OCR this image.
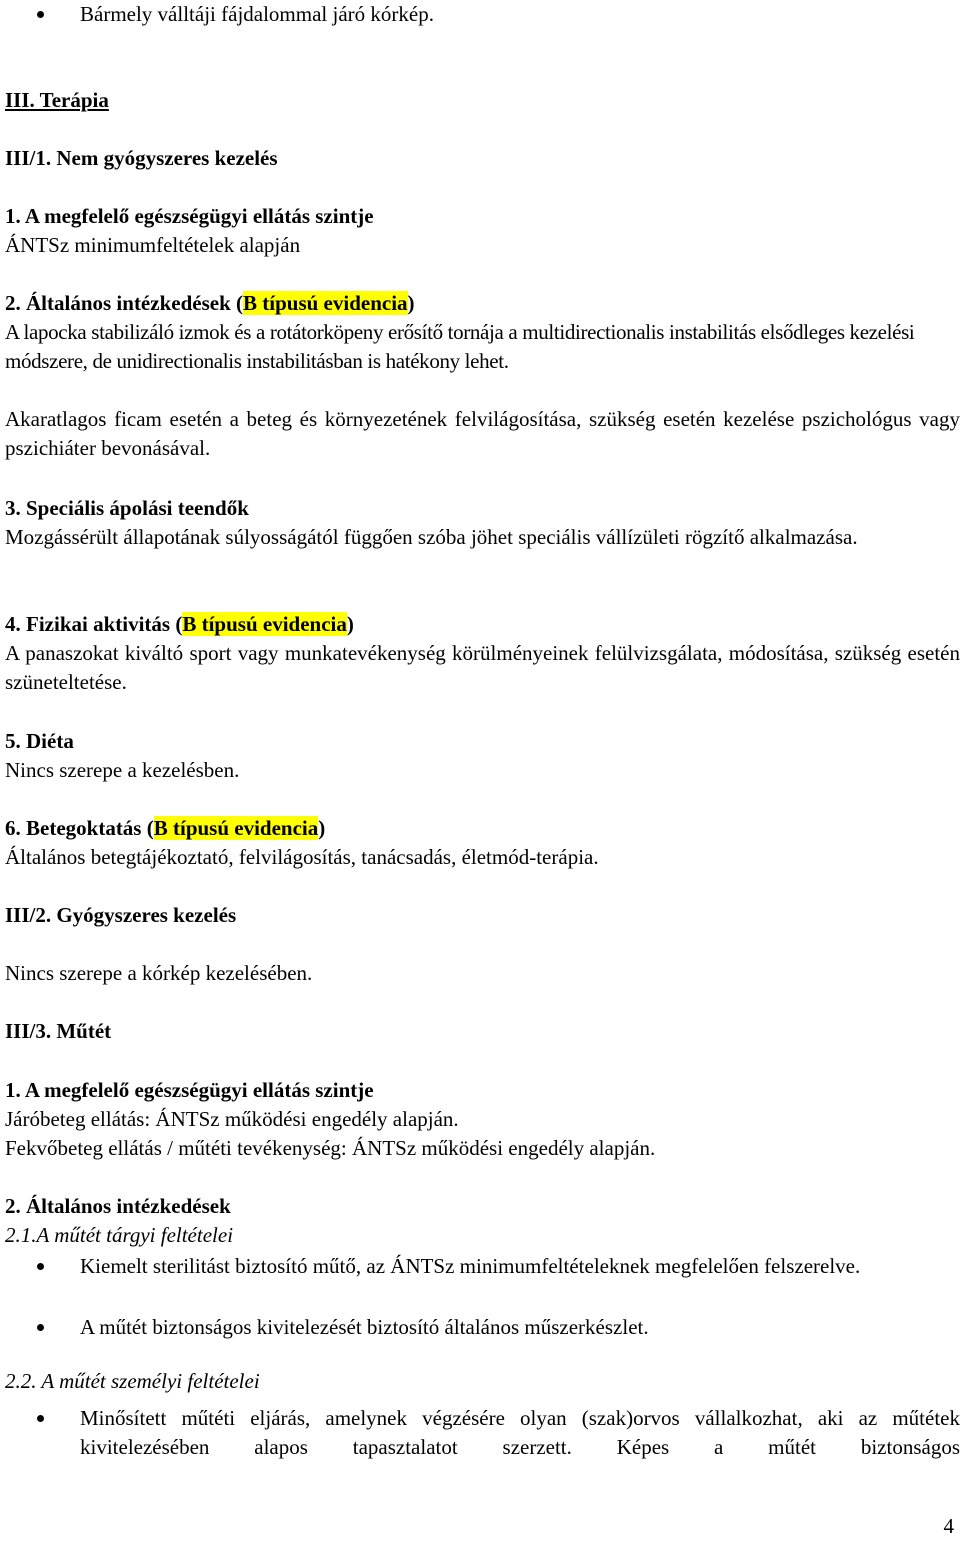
Bármely válltáji fájdalommal járó kórkép.
III. Terápia
III/1. Nem gyógyszeres kezelés
1. A megfelelő egészségügyi ellátás szintje
ÁNTSz minimumfeltételek alapján
2. Általános intézkedések (B típusú evidencia)
A lapocka stabilizáló izmok és a rotátorköpeny erősítő tornája a multidirectionalis instabilitás elsődleges kezelési módszere, de unidirectionalis instabilitásban is hatékony lehet.
Akaratlagos ficam esetén a beteg és környezetének felvilágosítása, szükség esetén kezelése pszichológus vagy pszichiáter bevonásával.
3. Speciális ápolási teendők
Mozgássérült állapotának súlyosságától függően szóba jöhet speciális vállízületi rögzítő alkalmazása.
4. Fizikai aktivitás (B típusú evidencia)
A panaszokat kiváltó sport vagy munkatevékenység körülményeinek felülvizsgálata, módosítása, szükség esetén szüneteltetése.
5. Diéta
Nincs szerepe a kezelésben.
6. Betegoktatás (B típusú evidencia)
Általános betegtájékoztató, felvilágosítás, tanácsadás, életmód-terápia.
III/2. Gyógyszeres kezelés
Nincs szerepe a kórkép kezelésében.
III/3. Műtét
1. A megfelelő egészségügyi ellátás szintje
Járóbeteg ellátás: ÁNTSz működési engedély alapján.
Fekvőbeteg ellátás / műtéti tevékenység: ÁNTSz működési engedély alapján.
2. Általános intézkedések
2.1.A műtét tárgyi feltételei
Kiemelt sterilitást biztosító műtő, az ÁNTSz minimumfeltételeknek megfelelően felszerelve.
A műtét biztonságos kivitelezését biztosító általános műszerkészlet.
2.2. A műtét személyi feltételei
Minősített műtéti eljárás, amelynek végzésére olyan (szak)orvos vállalkozhat, aki az műtétek kivitelezésében alapos tapasztalatot szerzett. Képes a műtét biztonságos
4
